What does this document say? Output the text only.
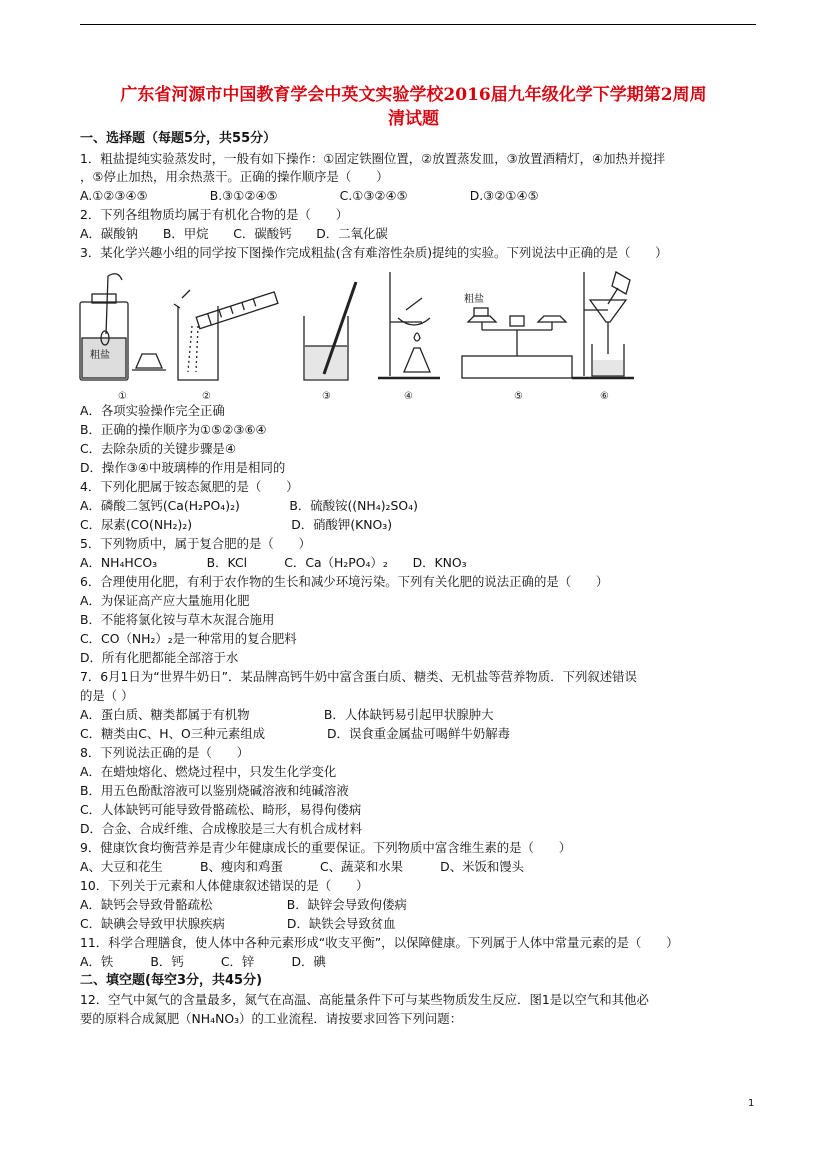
广东省河源市中国教育学会中英文实验学校2016届九年级化学下学期第2周周
清试题
一、选择题（每题5分，共55分）
1．粗盐提纯实验蒸发时，一般有如下操作：①固定铁圈位置，②放置蒸发皿，③放置酒精灯，④加热并搅拌
，⑤停止加热，用余热蒸干。正确的操作顺序是（　　）
A.①②③④⑤　　　　　B.③①②④⑤　　　　　C.①③②④⑤　　　　　D.③②①④⑤
2．下列各组物质均属于有机化合物的是（　　）
A．碳酸钠　　B．甲烷　　C．碳酸钙　　D．二氧化碳
3．某化学兴趣小组的同学按下图操作完成粗盐(含有难溶性杂质)提纯的实验。下列说法中正确的是（　　）
粗盐
粗盐
①	②	③	④	⑤	⑥
A．各项实验操作完全正确
B．正确的操作顺序为①⑤②③⑥④
C．去除杂质的关键步骤是④
D．操作③④中玻璃棒的作用是相同的
4．下列化肥属于铵态氮肥的是（　　）
A．磷酸二氢钙(Ca(H₂PO₄)₂)　　　　B．硫酸铵((NH₄)₂SO₄)
C．尿素(CO(NH₂)₂)　　　　　　　　D．硝酸钾(KNO₃)
5．下列物质中，属于复合肥的是（　　）
A．NH₄HCO₃　　　　B．KCl　　　C．Ca（H₂PO₄）₂　　D．KNO₃
6．合理使用化肥，有利于农作物的生长和减少环境污染。下列有关化肥的说法正确的是（　　）
A．为保证高产应大量施用化肥
B．不能将氯化铵与草木灰混合施用
C．CO（NH₂）₂是一种常用的复合肥料
D．所有化肥都能全部溶于水
7．6月1日为“世界牛奶日”．某品牌高钙牛奶中富含蛋白质、糖类、无机盐等营养物质．下列叙述错误
的是（ ）
A．蛋白质、糖类都属于有机物　　　　　　B．人体缺钙易引起甲状腺肿大
C．糖类由C、H、O三种元素组成　　　　　D．误食重金属盐可喝鲜牛奶解毒
8．下列说法正确的是（　　）
A．在蜡烛熔化、燃烧过程中，只发生化学变化
B．用五色酚酞溶液可以鉴别烧碱溶液和纯碱溶液
C．人体缺钙可能导致骨骼疏松、畸形，易得佝偻病
D．合金、合成纤维、合成橡胶是三大有机合成材料
9．健康饮食均衡营养是青少年健康成长的重要保证。下列物质中富含维生素的是（　　）
A、大豆和花生　　　B、瘦肉和鸡蛋　　　C、蔬菜和水果　　　D、米饭和馒头
10．下列关于元素和人体健康叙述错误的是（　　）
A．缺钙会导致骨骼疏松　　　　　　B．缺锌会导致佝偻病
C．缺碘会导致甲状腺疾病　　　　　D．缺铁会导致贫血
11．科学合理膳食，使人体中各种元素形成“收支平衡”，以保障健康。下列属于人体中常量元素的是（　　）
A．铁　　　B．钙　　　C．锌　　　D．碘
二、填空题(每空3分，共45分)
12．空气中氮气的含量最多，氮气在高温、高能量条件下可与某些物质发生反应．图1是以空气和其他必
要的原料合成氮肥（NH₄NO₃）的工业流程．请按要求回答下列问题：
1
